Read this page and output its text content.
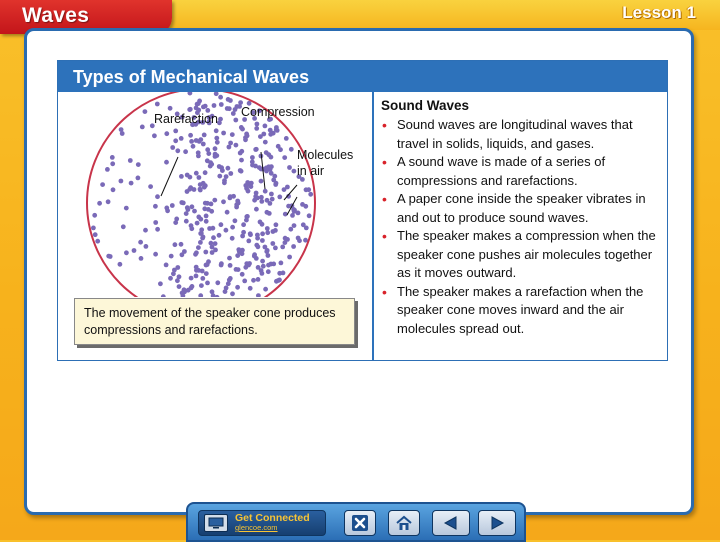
Waves	Lesson 1
Types of Mechanical Waves
Rarefaction Compression
Molecules
in air
The movement of the speaker cone produces compressions and rarefactions.
Sound Waves
• Sound waves are longitudinal waves that travel in solids, liquids, and gases.
• A sound wave is made of a series of compressions and rarefactions.
• A paper cone inside the speaker vibrates in and out to produce sound waves.
• The speaker makes a compression when the speaker cone pushes air molecules together as it moves outward.
• The speaker makes a rarefaction when the speaker cone moves inward and the air molecules spread out.
Get Connected
glencoe.com
